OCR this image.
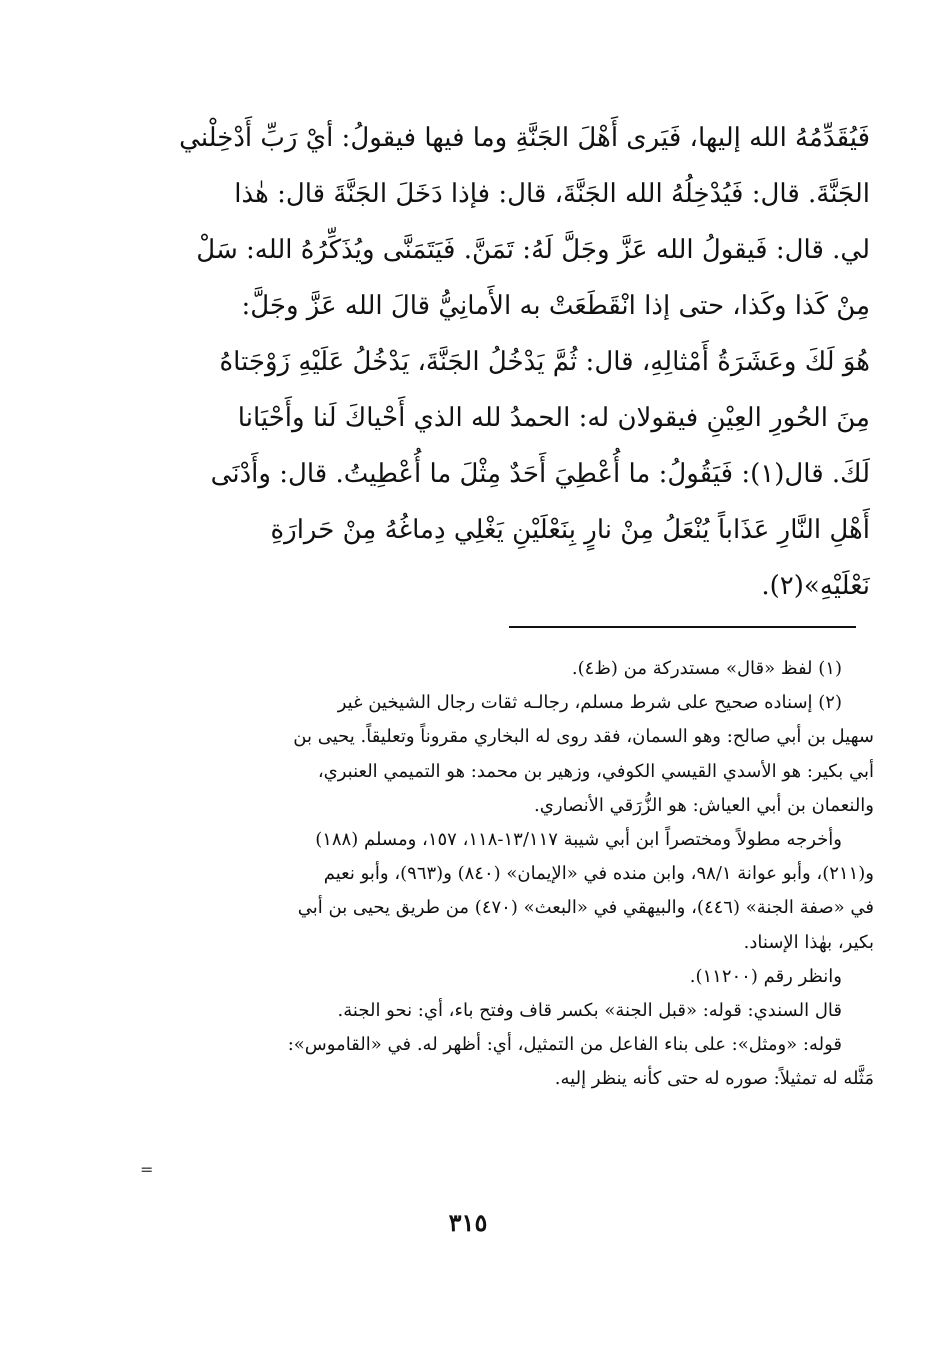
فَيُقَدِّمُهُ الله إليها، فَيَرى أَهْلَ الجَنَّةِ وما فيها فيقولُ: أيْ رَبِّ أَدْخِلْني
الجَنَّةَ. قال: فَيُدْخِلُهُ الله الجَنَّةَ، قال: فإذا دَخَلَ الجَنَّةَ قال: هٰذا
لي. قال: فَيقولُ الله عَزَّ وجَلَّ لَهُ: تَمَنَّ. فَيَتَمَنَّى ويُذَكِّرُهُ الله: سَلْ
مِنْ كَذا وكَذا، حتى إذا انْقَطَعَتْ به الأَمانِيُّ قالَ الله عَزَّ وجَلَّ:
هُوَ لَكَ وعَشَرَةُ أَمْثالِهِ، قال: ثُمَّ يَدْخُلُ الجَنَّةَ، يَدْخُلُ عَلَيْهِ زَوْجَتاهُ
مِنَ الحُورِ العِيْنِ فيقولان له: الحمدُ لله الذي أَحْياكَ لَنا وأَحْيَانا
لَكَ. قال(١): فَيَقُولُ: ما أُعْطِيَ أَحَدٌ مِثْلَ ما أُعْطِيتُ. قال: وأَدْنَى
أَهْلِ النَّارِ عَذَاباً يُنْعَلُ مِنْ نارٍ بِنَعْلَيْنِ يَغْلِي دِماغُهُ مِنْ حَرارَةِ
نَعْلَيْهِ»(٢).
(١) لفظ «قال» مستدركة من (ظ٤).
(٢) إسناده صحيح على شرط مسلم، رجالـه ثقات رجال الشيخين غير
سهيل بن أبي صالح: وهو السمان، فقد روى له البخاري مقروناً وتعليقاً. يحيى بن
أبي بكير: هو الأسدي القيسي الكوفي، وزهير بن محمد: هو التميمي العنبري،
والنعمان بن أبي العياش: هو الزُّرَقي الأنصاري.
وأخرجه مطولاً ومختصراً ابن أبي شيبة ١٣/١١٧-١١٨، ١٥٧، ومسلم (١٨٨)
و(٢١١)، وأبو عوانة ٩٨/١، وابن منده في «الإيمان» (٨٤٠) و(٩٦٣)، وأبو نعيم
في «صفة الجنة» (٤٤٦)، والبيهقي في «البعث» (٤٧٠) من طريق يحيى بن أبي
بكير، بهٰذا الإسناد.
وانظر رقم (١١٢٠٠).
قال السندي: قوله: «قبل الجنة» بكسر قاف وفتح باء، أي: نحو الجنة.
قوله: «ومثل»: على بناء الفاعل من التمثيل، أي: أظهر له. في «القاموس»:
مَثَّله له تمثيلاً: صوره له حتى كأنه ينظر إليه.
=
٣١٥
